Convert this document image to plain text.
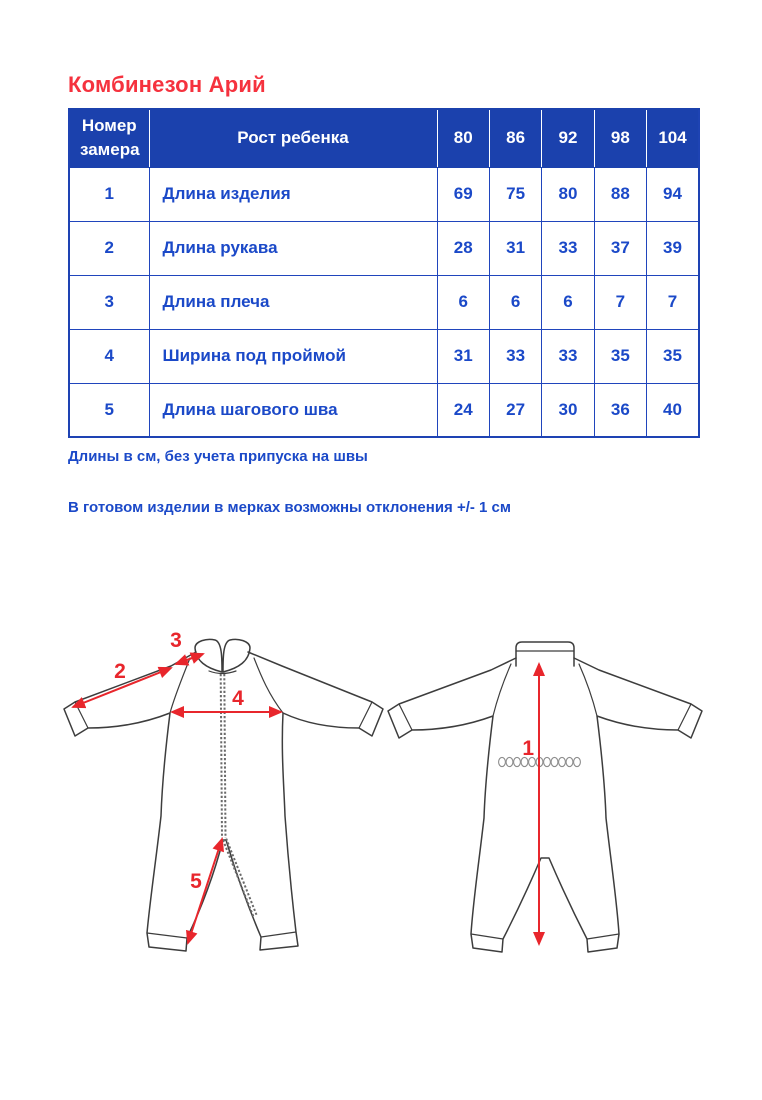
Комбинезон Арий
Номер замера	Рост ребенка	80	86	92	98	104
1	Длина изделия	69	75	80	88	94
2	Длина рукава	28	31	33	37	39
3	Длина плеча	6	6	6	7	7
4	Ширина под проймой	31	33	33	35	35
5	Длина шагового шва	24	27	30	36	40

Длины в см, без учета припуска на швы

В готовом изделии в мерках возможны отклонения +/- 1 см

2
3
4
5
1
